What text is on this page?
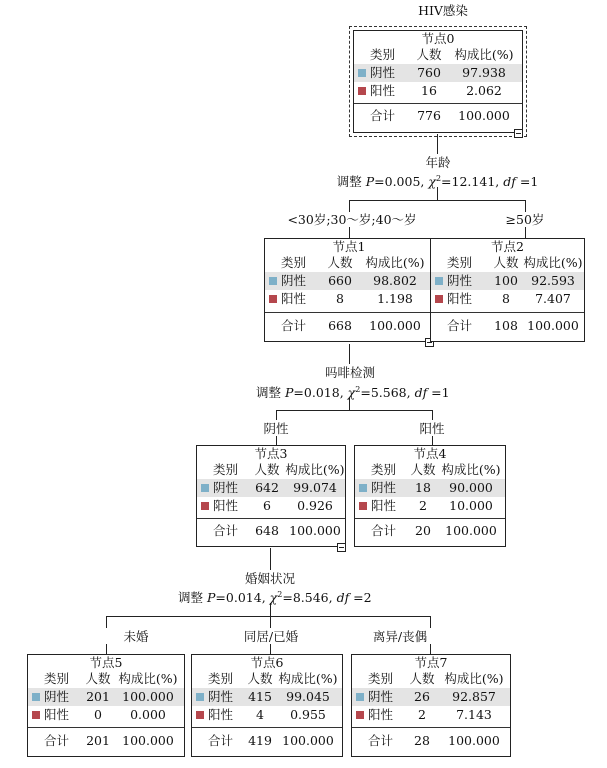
HIV感染
年龄
调整 P=0.005, $\chi^2=12.141$, df =1
吗啡检测
调整 P=0.018, $\chi^2=5.568$, df =1
婚姻状况
调整 P=0.014, $\chi^2=8.546$, df =2
<30岁;30～岁;40～岁	≥50岁
阴性	阳性
未婚	同居/已婚	离异/丧偶
节点0
类别	人数	构成比(%)
阴性	760	97.938
阳性	16	2.062
合计	776	100.000
节点1
类别	人数	构成比(%)
阴性	660	98.802
阳性	8	1.198
合计	668	100.000
节点2
类别	人数 构成比(%)
阴性	100	92.593
阳性	8	7.407
合计	108 100.000
节点3
类别	人数 构成比(%)
阴性	642	99.074
阳性	6	0.926
合计	648 100.000
节点4
类别	人数 构成比(%)
阴性	18	90.000
阳性	2	10.000
合计	20	100.000
节点5
类别	人数 构成比(%)
阴性	201 100.000
阳性	0	0.000
合计	201 100.000
节点6
类别	人数 构成比(%)
阴性	415	99.045
阳性	4	0.955
合计	419 100.000
节点7
类别	人数 构成比(%)
阴性	26	92.857
阳性	2	7.143
合计	28	100.000
